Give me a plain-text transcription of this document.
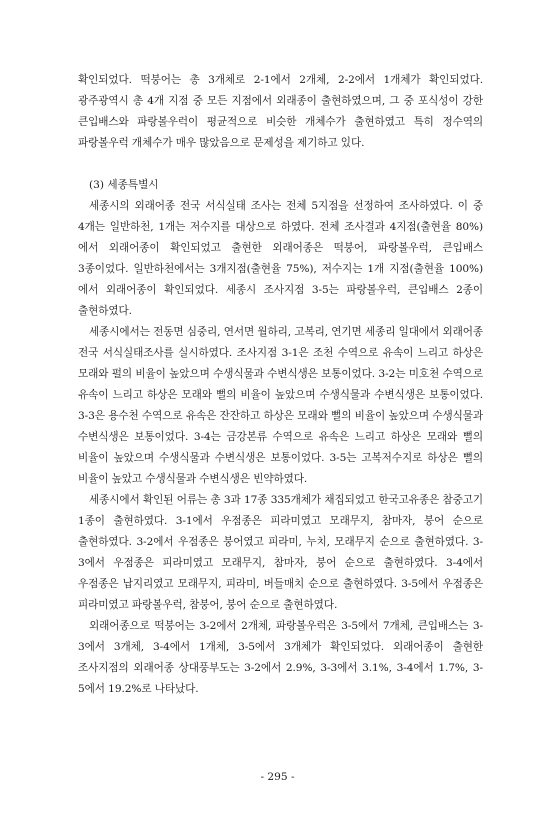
확인되었다. 떡붕어는 총 3개체로 2-1에서 2개체, 2-2에서 1개체가 확인되었다. 광주광역시 총 4개 지점 중 모든 지점에서 외래종이 출현하였으며, 그 중 포식성이 강한 큰입배스와 파랑볼우럭이 평균적으로 비슷한 개체수가 출현하였고 특히 정수역의 파랑볼우럭 개체수가 매우 많았음으로 문제성을 제기하고 있다.

(3) 세종특별시

세종시의 외래어종 전국 서식실태 조사는 전체 5지점을 선정하여 조사하였다. 이 중 4개는 일반하천, 1개는 저수지를 대상으로 하였다. 전체 조사결과 4지점(출현율 80%)에서 외래어종이 확인되었고 출현한 외래어종은 떡붕어, 파랑볼우럭, 큰입배스 3종이었다. 일반하천에서는 3개지점(출현율 75%), 저수지는 1개 지점(출현율 100%)에서 외래어종이 확인되었다. 세종시 조사지점 3-5는 파랑볼우럭, 큰입배스 2종이 출현하였다.

세종시에서는 전동면 심중리, 연서면 월하리, 고복리, 연기면 세종리 일대에서 외래어종 전국 서식실태조사를 실시하였다. 조사지점 3-1은 조천 수역으로 유속이 느리고 하상은 모래와 펄의 비율이 높았으며 수생식물과 수변식생은 보통이었다. 3-2는 미호천 수역으로 유속이 느리고 하상은 모래와 뻘의 비율이 높았으며 수생식물과 수변식생은 보통이었다. 3-3은 용수천 수역으로 유속은 잔잔하고 하상은 모래와 뻘의 비율이 높았으며 수생식물과 수변식생은 보통이었다. 3-4는 금강본류 수역으로 유속은 느리고 하상은 모래와 뻘의 비율이 높았으며 수생식물과 수변식생은 보통이었다. 3-5는 고복저수지로 하상은 뻘의 비율이 높았고 수생식물과 수변식생은 빈약하였다.

세종시에서 확인된 어류는 총 3과 17종 335개체가 채집되었고 한국고유종은 참중고기 1종이 출현하였다. 3-1에서 우점종은 피라미였고 모래무지, 참마자, 붕어 순으로 출현하였다. 3-2에서 우점종은 붕어였고 피라미, 누치, 모래무지 순으로 출현하였다. 3-3에서 우점종은 피라미였고 모래무지, 참마자, 붕어 순으로 출현하였다. 3-4에서 우점종은 납지리였고 모래무지, 피라미, 버들매치 순으로 출현하였다. 3-5에서 우점종은 피라미였고 파랑볼우럭, 참붕어, 붕어 순으로 출현하였다.

외래어종으로 떡붕어는 3-2에서 2개체, 파랑볼우럭은 3-5에서 7개체, 큰입배스는 3-3에서 3개체, 3-4에서 1개체, 3-5에서 3개체가 확인되었다. 외래어종이 출현한 조사지점의 외래어종 상대풍부도는 3-2에서 2.9%, 3-3에서 3.1%, 3-4에서 1.7%, 3-5에서 19.2%로 나타났다.

- 295 -
